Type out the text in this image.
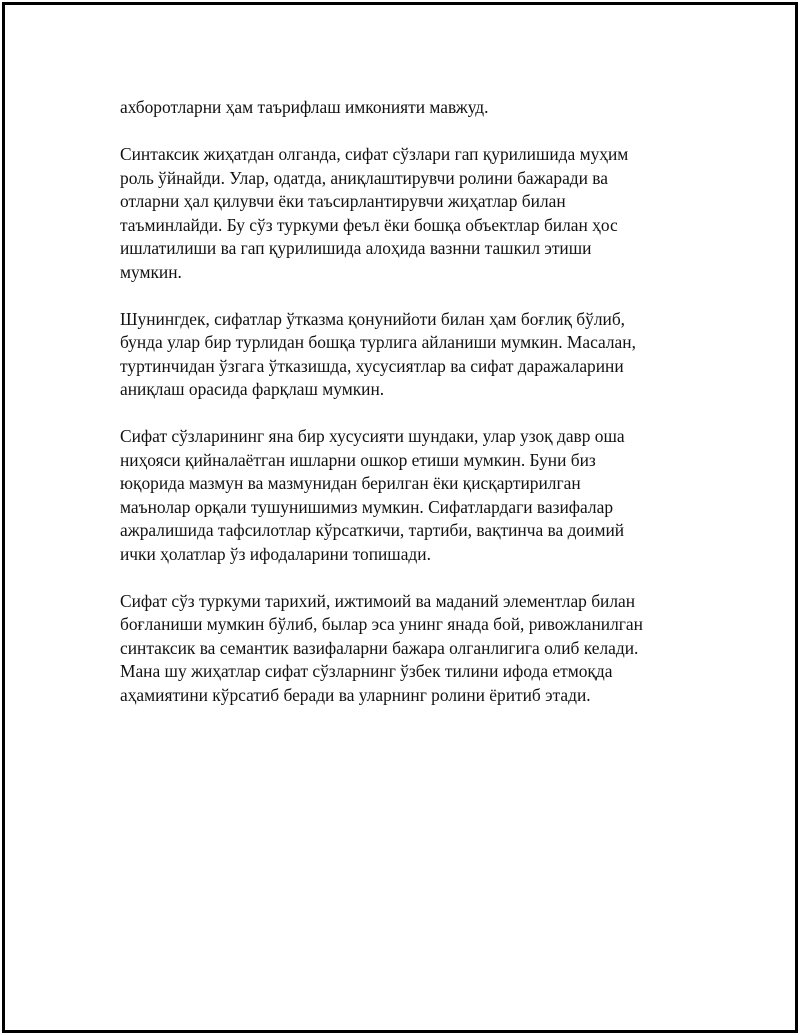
ахборотларни ҳам таърифлаш имконияти мавжуд.

Синтаксик жиҳатдан олганда, сифат сўзлари гап қурилишида муҳим
роль ўйнайди. Улар, одатда, аниқлаштирувчи ролини бажаради ва
отларни ҳал қилувчи ёки таъсирлантирувчи жиҳатлар билан
таъминлайди. Бу сўз туркуми феъл ёки бошқа объектлар билан ҳос
ишлатилиши ва гап қурилишида алоҳида вазнни ташкил этиши
мумкин.

Шунингдек, сифатлар ўтказма қонунийоти билан ҳам боғлиқ бўлиб,
бунда улар бир турлидан бошқа турлига айланиши мумкин. Масалан,
туртинчидан ўзгага ўтказишда, хусусиятлар ва сифат даражаларини
аниқлаш орасида фарқлаш мумкин.

Сифат сўзларининг яна бир хусусияти шундаки, улар узоқ давр оша
ниҳояси қийналаётган ишларни ошкор етиши мумкин. Буни биз
юқорида мазмун ва мазмунидан берилган ёки қисқартирилган
маънолар орқали тушунишимиз мумкин. Сифатлардаги вазифалар
ажралишида тафсилотлар кўрсаткичи, тартиби, вақтинча ва доимий
ички ҳолатлар ўз ифодаларини топишади.

Сифат сўз туркуми тарихий, ижтимоий ва маданий элементлар билан
боғланиши мумкин бўлиб, былар эса унинг янада бой, ривожланилган
синтаксик ва семантик вазифаларни бажара олганлигига олиб келади.
Мана шу жиҳатлар сифат сўзларнинг ўзбек тилини ифода етмоқда
аҳамиятини кўрсатиб беради ва уларнинг ролини ёритиб этади.
